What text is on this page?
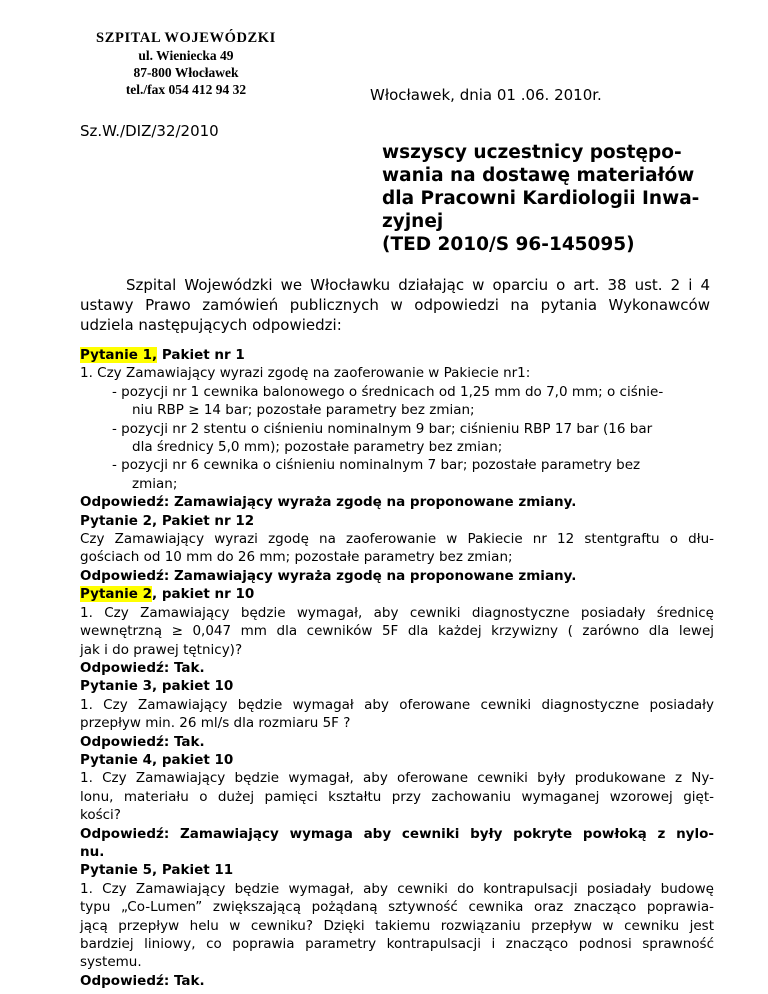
SZPITAL WOJEWÓDZKI
ul. Wieniecka 49
87-800 Włocławek
tel./fax 054 412 94 32	Włocławek, dnia 01 .06. 2010r.
Sz.W./DIZ/32/2010
wszyscy uczestnicy postępo-
wania na dostawę materiałów
dla Pracowni Kardiologii Inwa-
zyjnej
(TED 2010/S 96-145095)

Szpital Wojewódzki we Włocławku działając w oparciu o art. 38 ust. 2 i 4 ustawy Prawo zamówień publicznych w odpowiedzi na pytania Wykonawców udziela następujących odpowiedzi:

Pytanie 1, Pakiet nr 1
1. Czy Zamawiający wyrazi zgodę na zaoferowanie w Pakiecie nr1:
- pozycji nr 1 cewnika balonowego o średnicach od 1,25 mm do 7,0 mm; o ciśnie-
niu RBP ≥ 14 bar; pozostałe parametry bez zmian;
- pozycji nr 2 stentu o ciśnieniu nominalnym 9 bar; ciśnieniu RBP 17 bar (16 bar
dla średnicy 5,0 mm); pozostałe parametry bez zmian;
- pozycji nr 6 cewnika o ciśnieniu nominalnym 7 bar; pozostałe parametry bez
zmian;
Odpowiedź: Zamawiający wyraża zgodę na proponowane zmiany.
Pytanie 2, Pakiet nr 12
Czy Zamawiający wyrazi zgodę na zaoferowanie w Pakiecie nr 12 stentgraftu o dłu-
gościach od 10 mm do 26 mm; pozostałe parametry bez zmian;
Odpowiedź: Zamawiający wyraża zgodę na proponowane zmiany.
Pytanie 2, pakiet nr 10
1. Czy Zamawiający będzie wymagał, aby cewniki diagnostyczne posiadały średnicę
wewnętrzną ≥ 0,047 mm dla cewników 5F dla każdej krzywizny ( zarówno dla lewej
jak i do prawej tętnicy)?
Odpowiedź: Tak.
Pytanie 3, pakiet 10
1. Czy Zamawiający będzie wymagał aby oferowane cewniki diagnostyczne posiadały
przepływ min. 26 ml/s dla rozmiaru 5F ?
Odpowiedź: Tak.
Pytanie 4, pakiet 10
1. Czy Zamawiający będzie wymagał, aby oferowane cewniki były produkowane z Ny-
lonu, materiału o dużej pamięci kształtu przy zachowaniu wymaganej wzorowej gięt-
kości?
Odpowiedź: Zamawiający wymaga aby cewniki były pokryte powłoką z nylo-
nu.
Pytanie 5, Pakiet 11
1. Czy Zamawiający będzie wymagał, aby cewniki do kontrapulsacji posiadały budowę
typu „Co-Lumen” zwiększającą pożądaną sztywność cewnika oraz znacząco poprawia-
jącą przepływ helu w cewniku? Dzięki takiemu rozwiązaniu przepływ w cewniku jest
bardziej liniowy, co poprawia parametry kontrapulsacji i znacząco podnosi sprawność
systemu.
Odpowiedź: Tak.
